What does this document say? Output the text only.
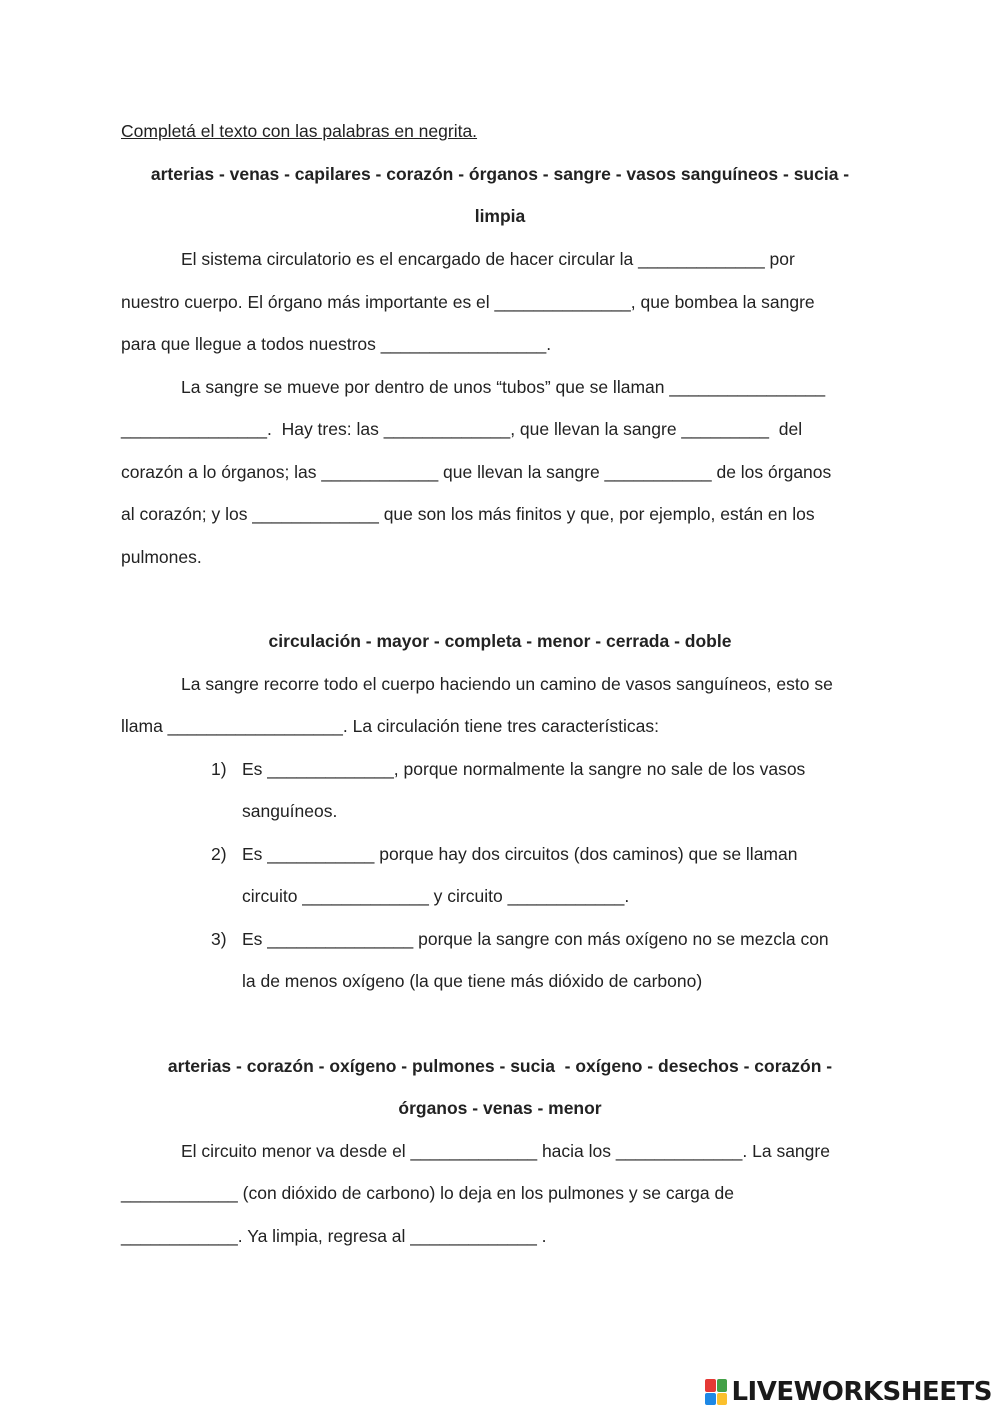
Completá el texto con las palabras en negrita.
arterias - venas - capilares - corazón - órganos - sangre - vasos sanguíneos - sucia -
limpia
El sistema circulatorio es el encargado de hacer circular la _____________ por
nuestro cuerpo. El órgano más importante es el ______________, que bombea la sangre
para que llegue a todos nuestros _________________.
La sangre se mueve por dentro de unos “tubos” que se llaman ________________
_______________.  Hay tres: las _____________, que llevan la sangre _________  del
corazón a lo órganos; las ____________ que llevan la sangre ___________ de los órganos
al corazón; y los _____________ que son los más finitos y que, por ejemplo, están en los
pulmones.
circulación - mayor - completa - menor - cerrada - doble
La sangre recorre todo el cuerpo haciendo un camino de vasos sanguíneos, esto se
llama __________________. La circulación tiene tres características:
1) Es _____________, porque normalmente la sangre no sale de los vasos
sanguíneos.
2) Es ___________ porque hay dos circuitos (dos caminos) que se llaman
circuito _____________ y circuito ____________.
3) Es _______________ porque la sangre con más oxígeno no se mezcla con
la de menos oxígeno (la que tiene más dióxido de carbono)
arterias - corazón - oxígeno - pulmones - sucia  - oxígeno - desechos - corazón -
órganos - venas - menor
El circuito menor va desde el _____________ hacia los _____________. La sangre
____________ (con dióxido de carbono) lo deja en los pulmones y se carga de
____________. Ya limpia, regresa al _____________ .
LIVEWORKSHEETS
